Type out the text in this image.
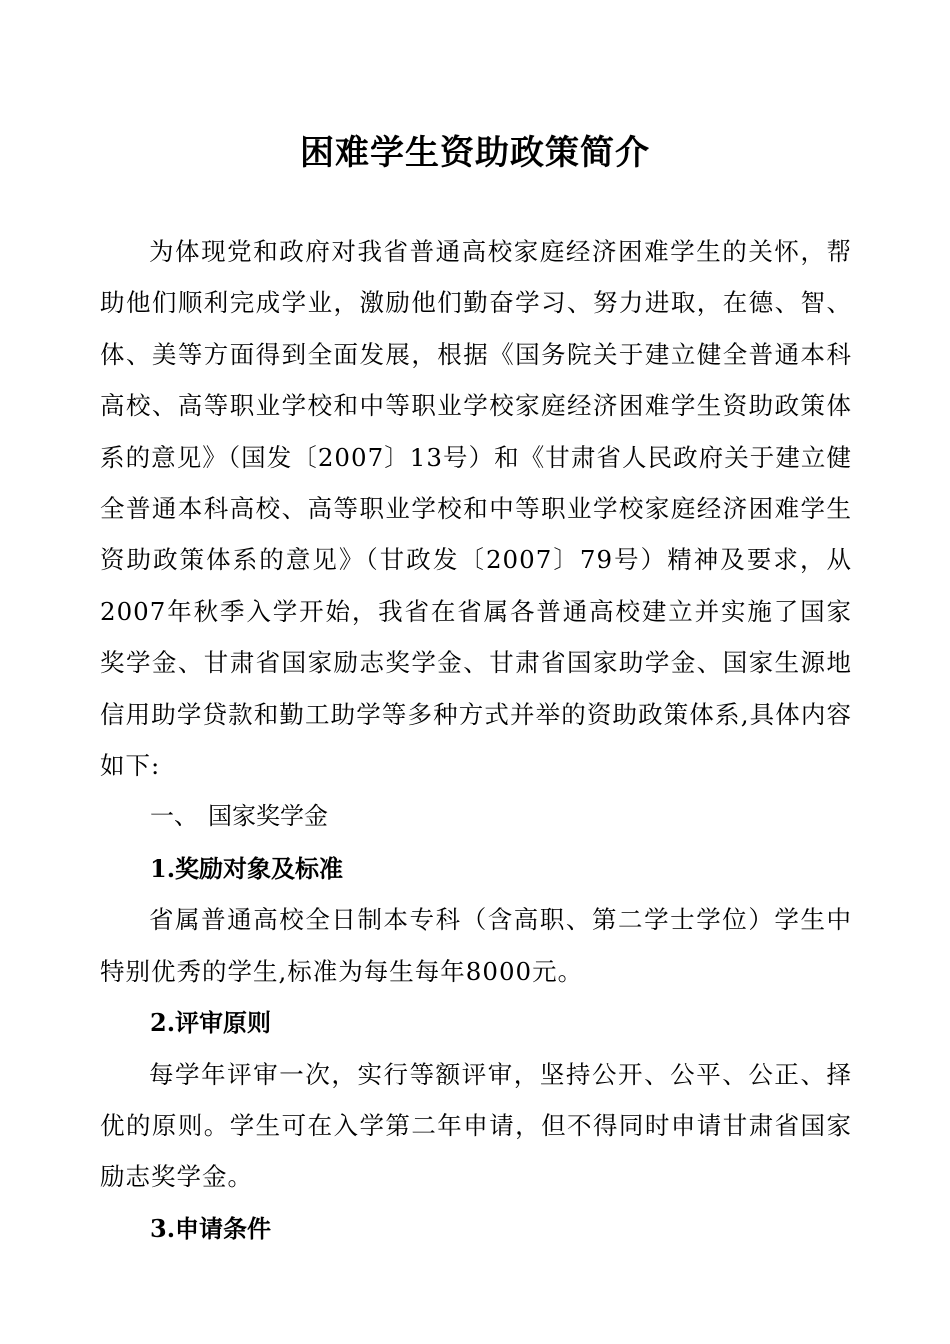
困难学生资助政策简介

为体现党和政府对我省普通高校家庭经济困难学生的关怀，帮助他们顺利完成学业，激励他们勤奋学习、努力进取，在德、智、体、美等方面得到全面发展，根据《国务院关于建立健全普通本科高校、高等职业学校和中等职业学校家庭经济困难学生资助政策体系的意见》（国发〔2007〕13号）和《甘肃省人民政府关于建立健全普通本科高校、高等职业学校和中等职业学校家庭经济困难学生资助政策体系的意见》（甘政发〔2007〕79号）精神及要求，从2007年秋季入学开始，我省在省属各普通高校建立并实施了国家奖学金、甘肃省国家励志奖学金、甘肃省国家助学金、国家生源地信用助学贷款和勤工助学等多种方式并举的资助政策体系,具体内容如下:

一、 国家奖学金
1.奖励对象及标准

省属普通高校全日制本专科（含高职、第二学士学位）学生中特别优秀的学生,标准为每生每年8000元。

2.评审原则

每学年评审一次，实行等额评审，坚持公开、公平、公正、择优的原则。学生可在入学第二年申请，但不得同时申请甘肃省国家励志奖学金。

3.申请条件
